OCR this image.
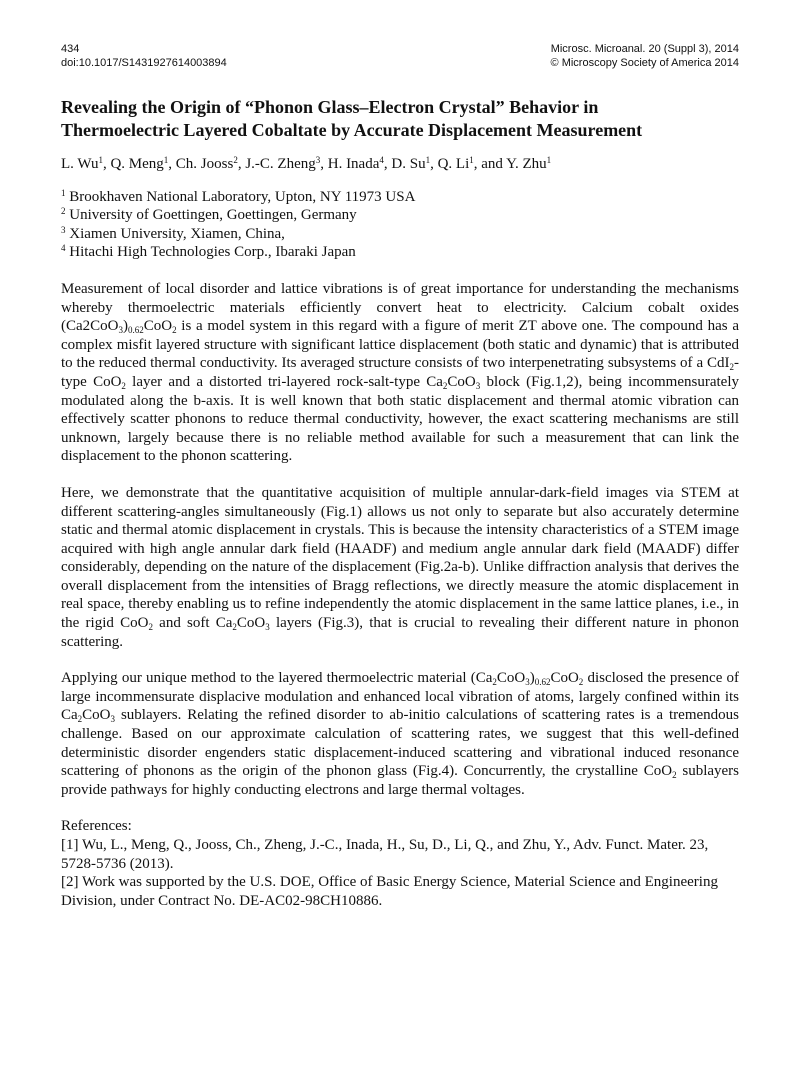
434
doi:10.1017/S1431927614003894
Microsc. Microanal. 20 (Suppl 3), 2014
© Microscopy Society of America 2014
Revealing the Origin of “Phonon Glass–Electron Crystal” Behavior in
Thermoelectric Layered Cobaltate by Accurate Displacement Measurement
L. Wu$^1$, Q. Meng$^1$, Ch. Jooss$^2$, J.-C. Zheng$^3$, H. Inada$^4$, D. Su$^1$, Q. Li$^1$, and Y. Zhu$^1$
$^1$ Brookhaven National Laboratory, Upton, NY 11973 USA
$^2$ University of Goettingen, Goettingen, Germany
$^3$ Xiamen University, Xiamen, China,
$^4$ Hitachi High Technologies Corp., Ibaraki Japan
Measurement of local disorder and lattice vibrations is of great importance for understanding the mechanisms whereby thermoelectric materials efficiently convert heat to electricity. Calcium cobalt oxides $(Ca2CoO_3)_{0.62}CoO_2$ is a model system in this regard with a figure of merit ZT above one. The compound has a complex misfit layered structure with significant lattice displacement (both static and dynamic) that is attributed to the reduced thermal conductivity. Its averaged structure consists of two interpenetrating subsystems of a CdI$_2$-type CoO$_2$ layer and a distorted tri-layered rock-salt-type $Ca_2CoO_3$ block (Fig.1,2), being incommensurately modulated along the b-axis. It is well known that both static displacement and thermal atomic vibration can effectively scatter phonons to reduce thermal conductivity, however, the exact scattering mechanisms are still unknown, largely because there is no reliable method available for such a measurement that can link the displacement to the phonon scattering.
Here, we demonstrate that the quantitative acquisition of multiple annular-dark-field images via STEM at different scattering-angles simultaneously (Fig.1) allows us not only to separate but also accurately determine static and thermal atomic displacement in crystals. This is because the intensity characteristics of a STEM image acquired with high angle annular dark field (HAADF) and medium angle annular dark field (MAADF) differ considerably, depending on the nature of the displacement (Fig.2a-b). Unlike diffraction analysis that derives the overall displacement from the intensities of Bragg reflections, we directly measure the atomic displacement in real space, thereby enabling us to refine independently the atomic displacement in the same lattice planes, i.e., in the rigid CoO$_2$ and soft $Ca_2CoO_3$ layers (Fig.3), that is crucial to revealing their different nature in phonon scattering.
Applying our unique method to the layered thermoelectric material $(Ca_2CoO_3)_{0.62}CoO_2$ disclosed the presence of large incommensurate displacive modulation and enhanced local vibration of atoms, largely confined within its $Ca_2CoO_3$ sublayers. Relating the refined disorder to ab-initio calculations of scattering rates is a tremendous challenge. Based on our approximate calculation of scattering rates, we suggest that this well-defined deterministic disorder engenders static displacement-induced scattering and vibrational induced resonance scattering of phonons as the origin of the phonon glass (Fig.4). Concurrently, the crystalline CoO$_2$ sublayers provide pathways for highly conducting electrons and large thermal voltages.
References:
[1] Wu, L., Meng, Q., Jooss, Ch., Zheng, J.-C., Inada, H., Su, D., Li, Q., and Zhu, Y., Adv. Funct. Mater. 23, 5728-5736 (2013).
[2] Work was supported by the U.S. DOE, Office of Basic Energy Science, Material Science and Engineering Division, under Contract No. DE-AC02-98CH10886.
